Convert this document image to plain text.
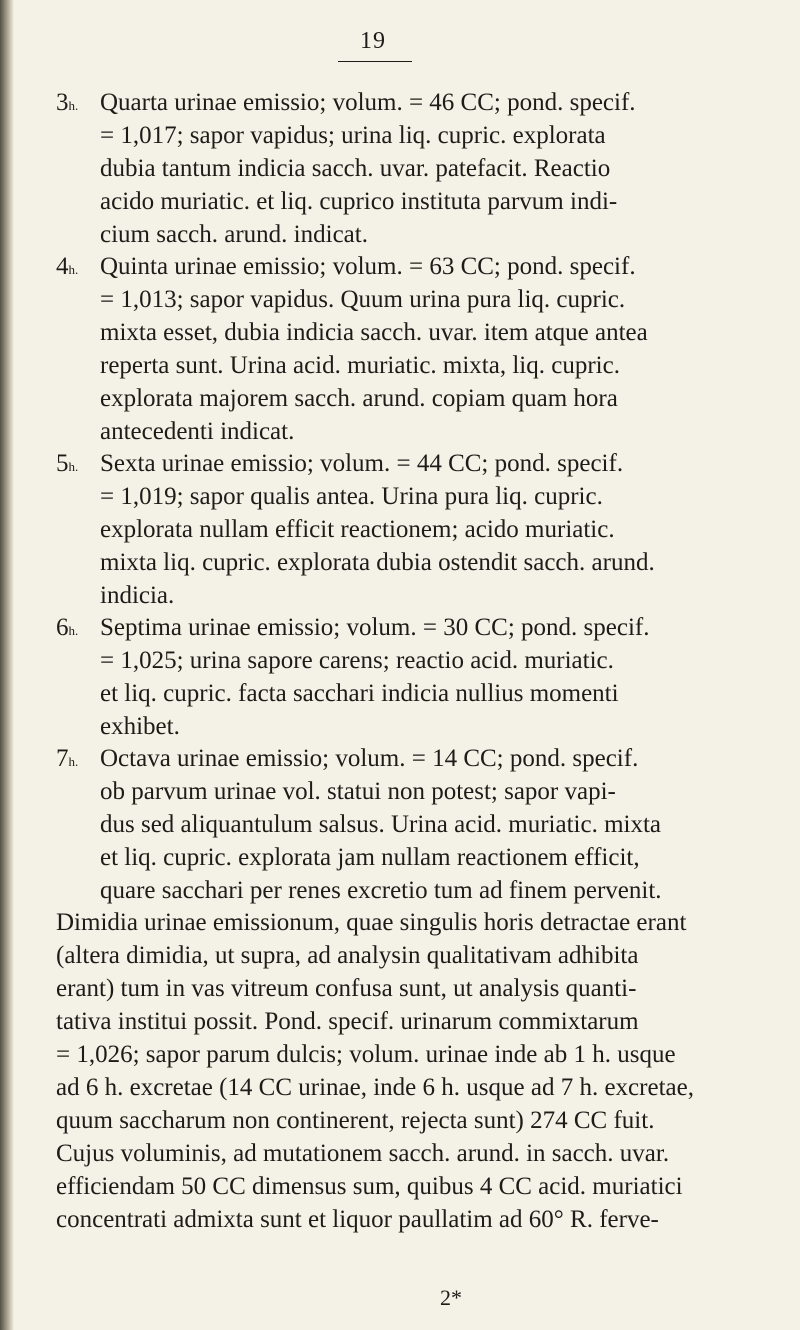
19
$3^{h.}$ Quarta urinae emissio; volum. = 46 CC; pond. specif.
= 1,017; sapor vapidus; urina liq. cupric. explorata
dubia tantum indicia sacch. uvar. patefacit. Reactio
acido muriatic. et liq. cuprico instituta parvum indi-
cium sacch. arund. indicat.
$4^{h.}$ Quinta urinae emissio; volum. = 63 CC; pond. specif.
= 1,013; sapor vapidus. Quum urina pura liq. cupric.
mixta esset, dubia indicia sacch. uvar. item atque antea
reperta sunt. Urina acid. muriatic. mixta, liq. cupric.
explorata majorem sacch. arund. copiam quam hora
antecedenti indicat.
$5^{h.}$ Sexta urinae emissio; volum. = 44 CC; pond. specif.
= 1,019; sapor qualis antea. Urina pura liq. cupric.
explorata nullam efficit reactionem; acido muriatic.
mixta liq. cupric. explorata dubia ostendit sacch. arund.
indicia.
$6^{h.}$ Septima urinae emissio; volum. = 30 CC; pond. specif.
= 1,025; urina sapore carens; reactio acid. muriatic.
et liq. cupric. facta sacchari indicia nullius momenti
exhibet.
$7^{h.}$ Octava urinae emissio; volum. = 14 CC; pond. specif.
ob parvum urinae vol. statui non potest; sapor vapi-
dus sed aliquantulum salsus. Urina acid. muriatic. mixta
et liq. cupric. explorata jam nullam reactionem efficit,
quare sacchari per renes excretio tum ad finem pervenit.
Dimidia urinae emissionum, quae singulis horis detractae erant
(altera dimidia, ut supra, ad analysin qualitativam adhibita
erant) tum in vas vitreum confusa sunt, ut analysis quanti-
tativa institui possit. Pond. specif. urinarum commixtarum
= 1,026; sapor parum dulcis; volum. urinae inde ab 1 h. usque
ad 6 h. excretae (14 CC urinae, inde 6 h. usque ad 7 h. excretae,
quum saccharum non continerent, rejecta sunt) 274 CC fuit.
Cujus voluminis, ad mutationem sacch. arund. in sacch. uvar.
efficiendam 50 CC dimensus sum, quibus 4 CC acid. muriatici
concentrati admixta sunt et liquor paullatim ad 60° R. ferve-
2*
